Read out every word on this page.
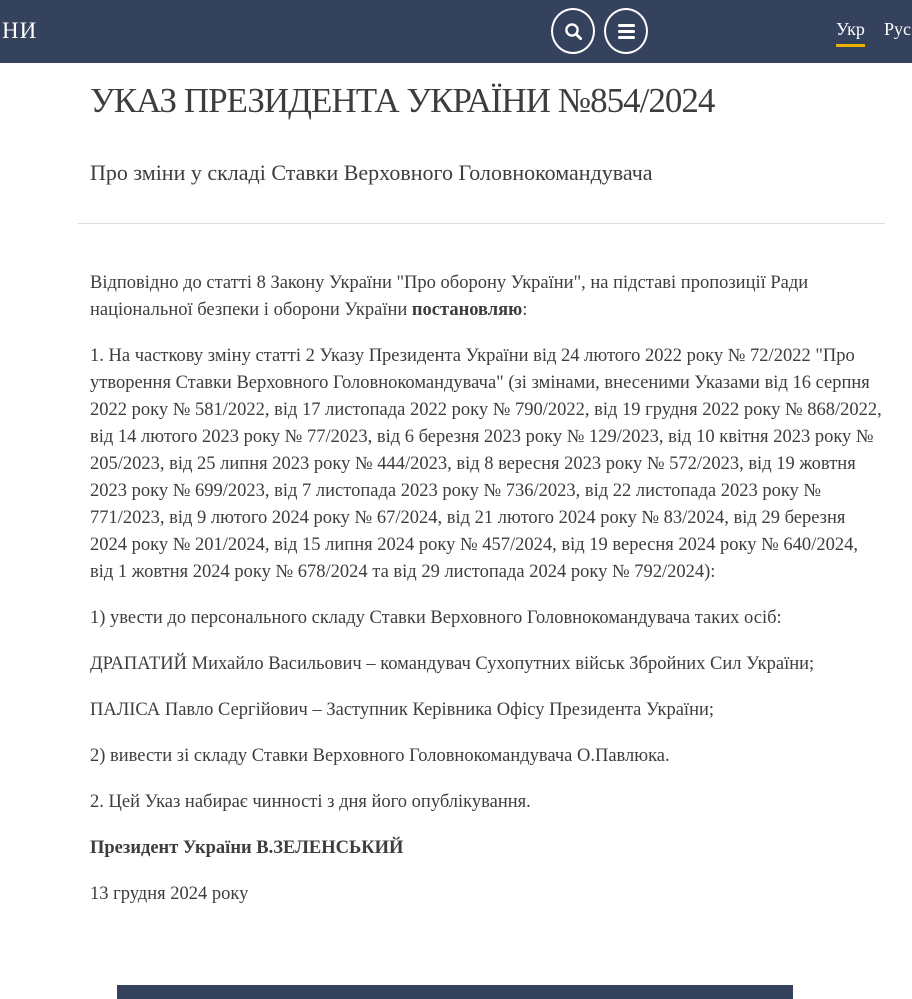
НИ	Укр Рус
УКАЗ ПРЕЗИДЕНТА УКРАЇНИ №854/2024
Про зміни у складі Ставки Верховного Головнокомандувача

Відповідно до статті 8 Закону України "Про оборону України", на підставі пропозиції Ради національної безпеки і оборони України постановляю:

1. На часткову зміну статті 2 Указу Президента України від 24 лютого 2022 року № 72/2022 "Про утворення Ставки Верховного Головнокомандувача" (зі змінами, внесеними Указами від 16 серпня 2022 року № 581/2022, від 17 листопада 2022 року № 790/2022, від 19 грудня 2022 року № 868/2022, від 14 лютого 2023 року № 77/2023, від 6 березня 2023 року № 129/2023, від 10 квітня 2023 року № 205/2023, від 25 липня 2023 року № 444/2023, від 8 вересня 2023 року № 572/2023, від 19 жовтня 2023 року № 699/2023, від 7 листопада 2023 року № 736/2023, від 22 листопада 2023 року № 771/2023, від 9 лютого 2024 року № 67/2024, від 21 лютого 2024 року № 83/2024, від 29 березня 2024 року № 201/2024, від 15 липня 2024 року № 457/2024, від 19 вересня 2024 року № 640/2024, від 1 жовтня 2024 року № 678/2024 та від 29 листопада 2024 року № 792/2024):

1) увести до персонального складу Ставки Верховного Головнокомандувача таких осіб:

ДРАПАТИЙ Михайло Васильович – командувач Сухопутних військ Збройних Сил України;

ПАЛІСА Павло Сергійович – Заступник Керівника Офісу Президента України;

2) вивести зі складу Ставки Верховного Головнокомандувача О.Павлюка.

2. Цей Указ набирає чинності з дня його опублікування.

Президент України В.ЗЕЛЕНСЬКИЙ

13 грудня 2024 року
